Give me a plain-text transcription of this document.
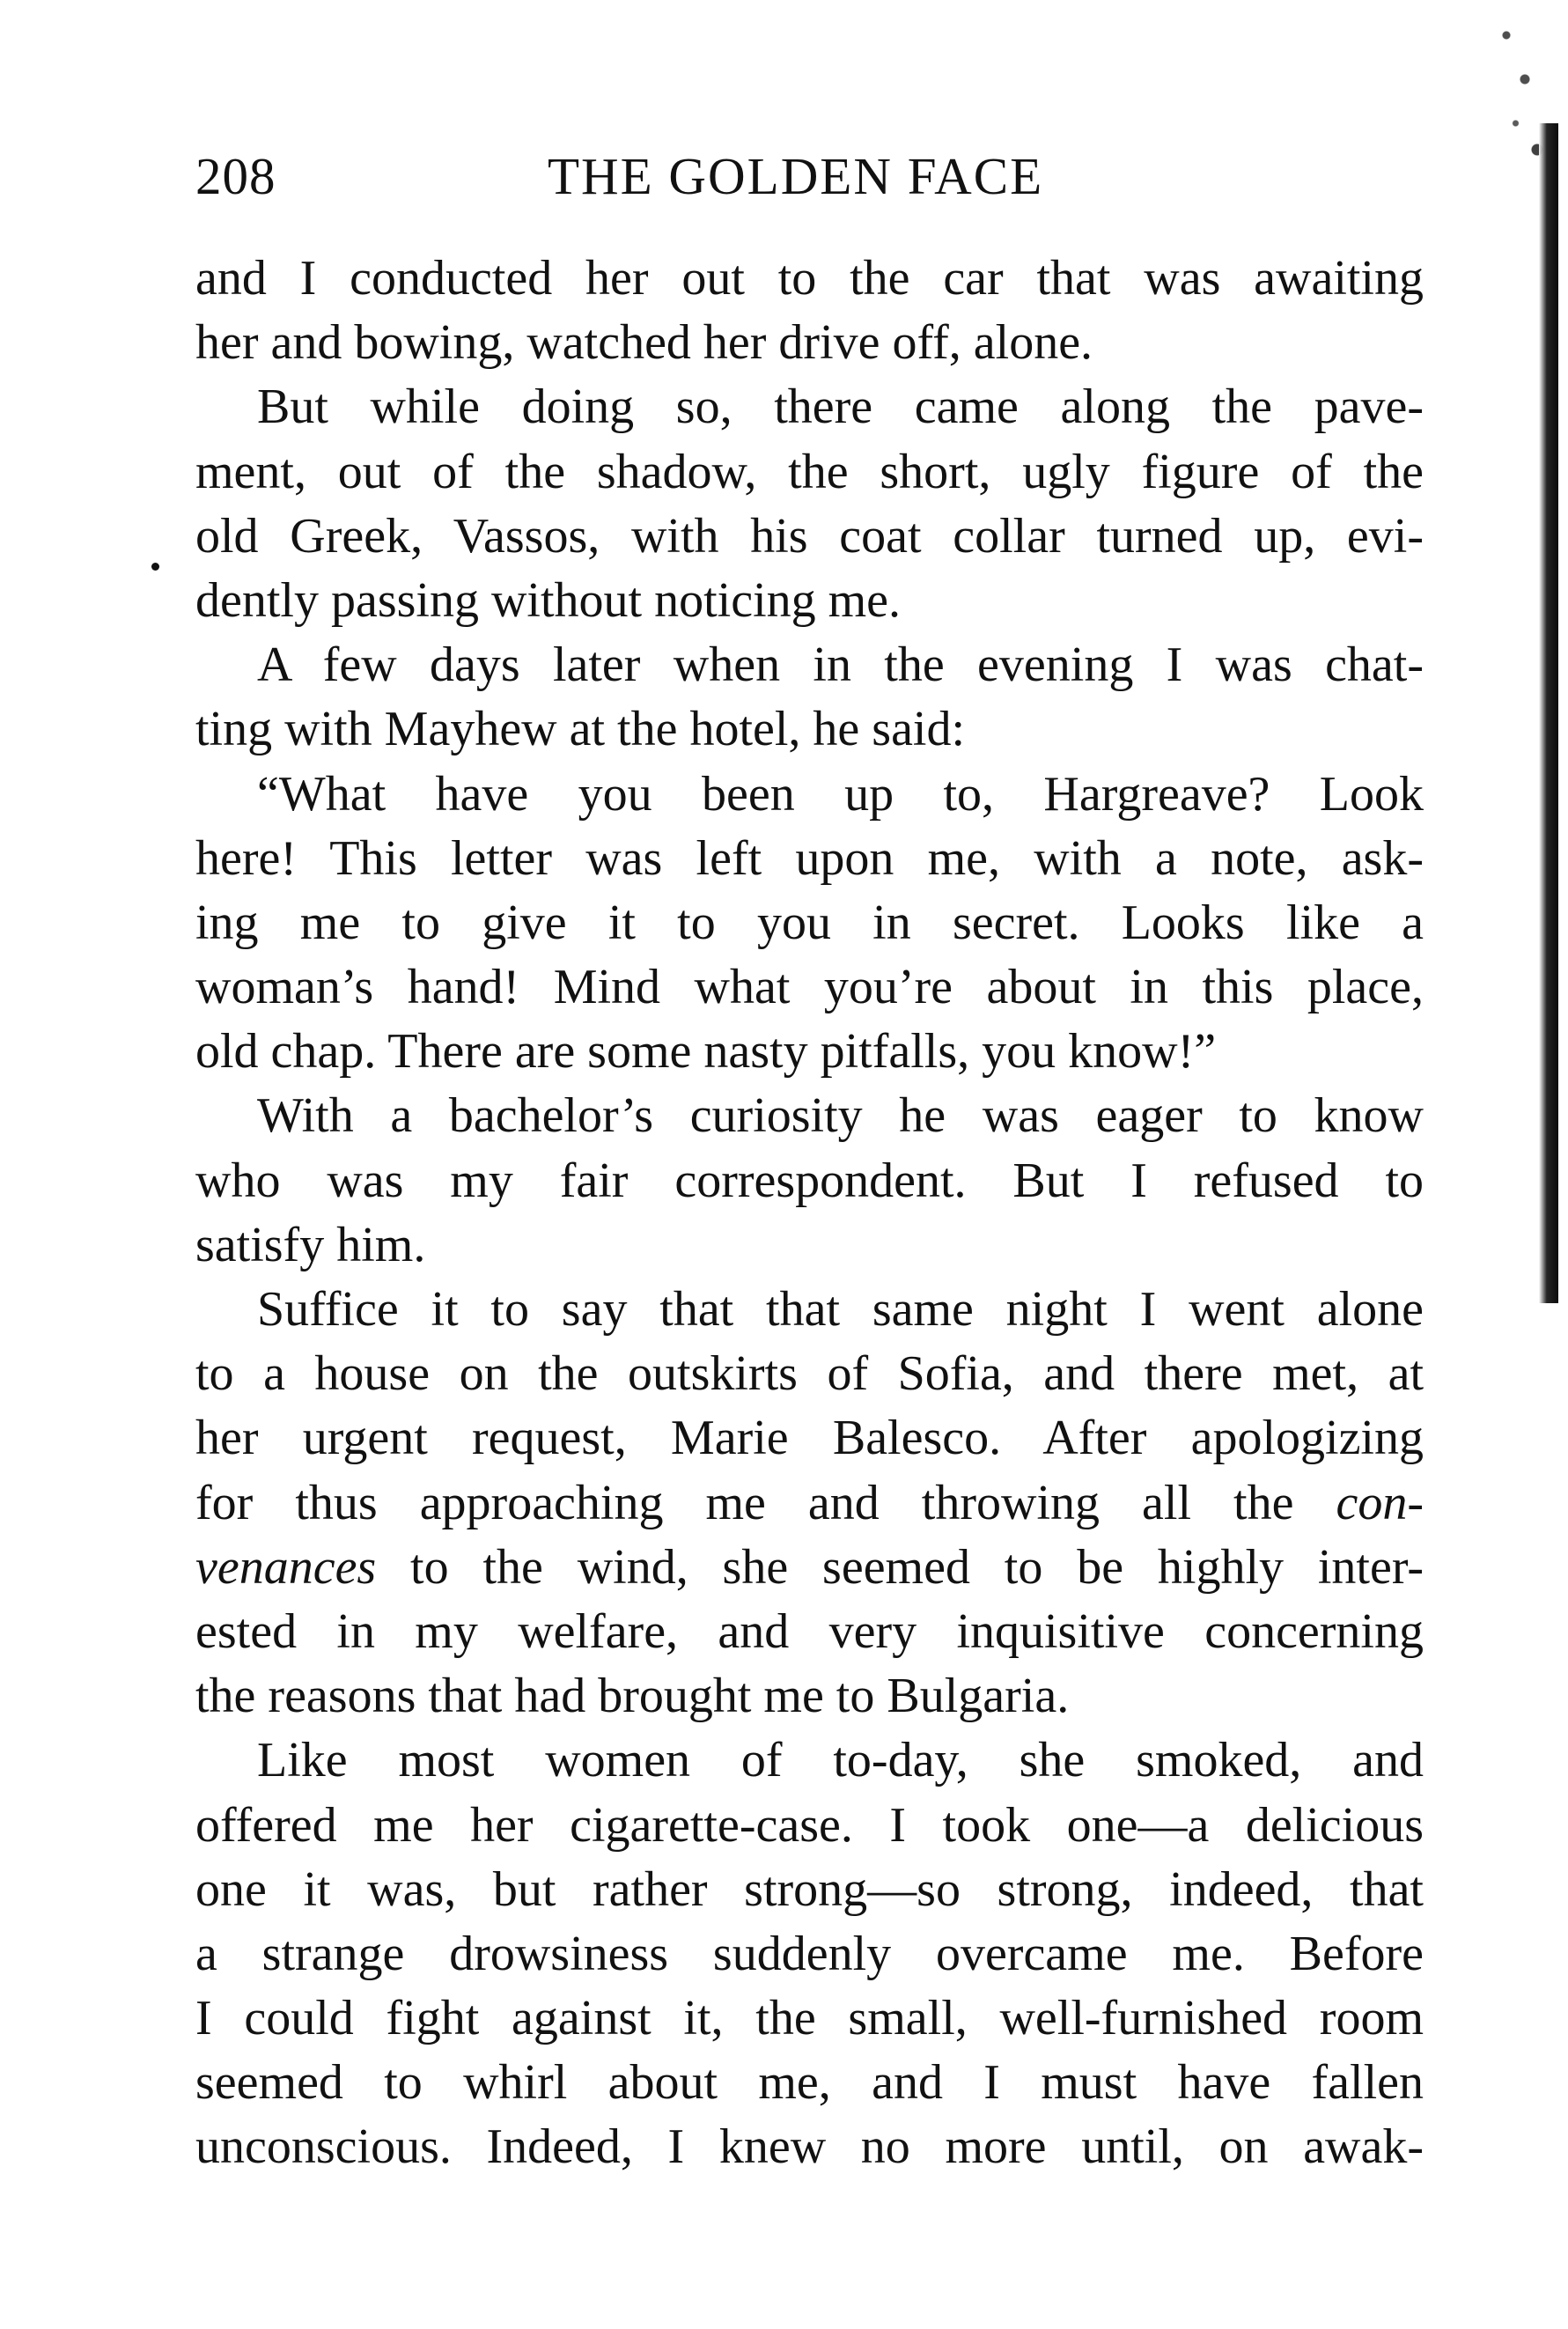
208	THE GOLDEN FACE
and I conducted her out to the car that was awaiting
her and bowing, watched her drive off, alone.
But while doing so, there came along the pave-
ment, out of the shadow, the short, ugly figure of the
old Greek, Vassos, with his coat collar turned up, evi-
dently passing without noticing me.
A few days later when in the evening I was chat-
ting with Mayhew at the hotel, he said:
“What have you been up to, Hargreave? Look
here! This letter was left upon me, with a note, ask-
ing me to give it to you in secret. Looks like a
woman’s hand! Mind what you’re about in this place,
old chap. There are some nasty pitfalls, you know!”
With a bachelor’s curiosity he was eager to know
who was my fair correspondent. But I refused to
satisfy him.
Suffice it to say that that same night I went alone
to a house on the outskirts of Sofia, and there met, at
her urgent request, Marie Balesco. After apologizing
for thus approaching me and throwing all the con-
venances to the wind, she seemed to be highly inter-
ested in my welfare, and very inquisitive concerning
the reasons that had brought me to Bulgaria.
Like most women of to-day, she smoked, and
offered me her cigarette-case. I took one—a delicious
one it was, but rather strong—so strong, indeed, that
a strange drowsiness suddenly overcame me. Before
I could fight against it, the small, well-furnished room
seemed to whirl about me, and I must have fallen
unconscious. Indeed, I knew no more until, on awak-
